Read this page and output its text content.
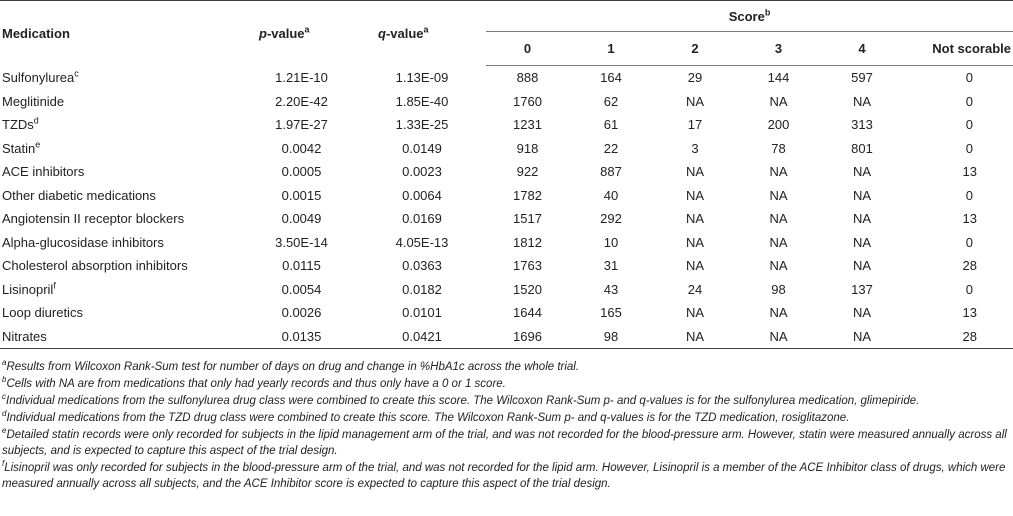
Medication	p-value$^a$	q-value$^a$	Score$^b$
			0	1	2	3	4	Not scorable
Sulfonylurea$^c$	1.21E-10	1.13E-09	888	164	29	144	597	0
Meglitinide	2.20E-42	1.85E-40	1760	62	NA	NA	NA	0
TZDs$^d$	1.97E-27	1.33E-25	1231	61	17	200	313	0
Statin$^e$	0.0042	0.0149	918	22	3	78	801	0
ACE inhibitors	0.0005	0.0023	922	887	NA	NA	NA	13
Other diabetic medications	0.0015	0.0064	1782	40	NA	NA	NA	0
Angiotensin II receptor blockers	0.0049	0.0169	1517	292	NA	NA	NA	13
Alpha-glucosidase inhibitors	3.50E-14	4.05E-13	1812	10	NA	NA	NA	0
Cholesterol absorption inhibitors	0.0115	0.0363	1763	31	NA	NA	NA	28
Lisinopril$^f$	0.0054	0.0182	1520	43	24	98	137	0
Loop diuretics	0.0026	0.0101	1644	165	NA	NA	NA	13
Nitrates	0.0135	0.0421	1696	98	NA	NA	NA	28
$^a$Results from Wilcoxon Rank-Sum test for number of days on drug and change in %HbA1c across the whole trial.
$^b$Cells with NA are from medications that only had yearly records and thus only have a 0 or 1 score.
$^c$Individual medications from the sulfonylurea drug class were combined to create this score. The Wilcoxon Rank-Sum p- and q-values is for the sulfonylurea medication, glimepiride.
$^d$Individual medications from the TZD drug class were combined to create this score. The Wilcoxon Rank-Sum p- and q-values is for the TZD medication, rosiglitazone.
$^e$Detailed statin records were only recorded for subjects in the lipid management arm of the trial, and was not recorded for the blood-pressure arm. However, statin were measured annually across all subjects, and is expected to capture this aspect of the trial design.
$^f$Lisinopril was only recorded for subjects in the blood-pressure arm of the trial, and was not recorded for the lipid arm. However, Lisinopril is a member of the ACE Inhibitor class of drugs, which were measured annually across all subjects, and the ACE Inhibitor score is expected to capture this aspect of the trial design.
